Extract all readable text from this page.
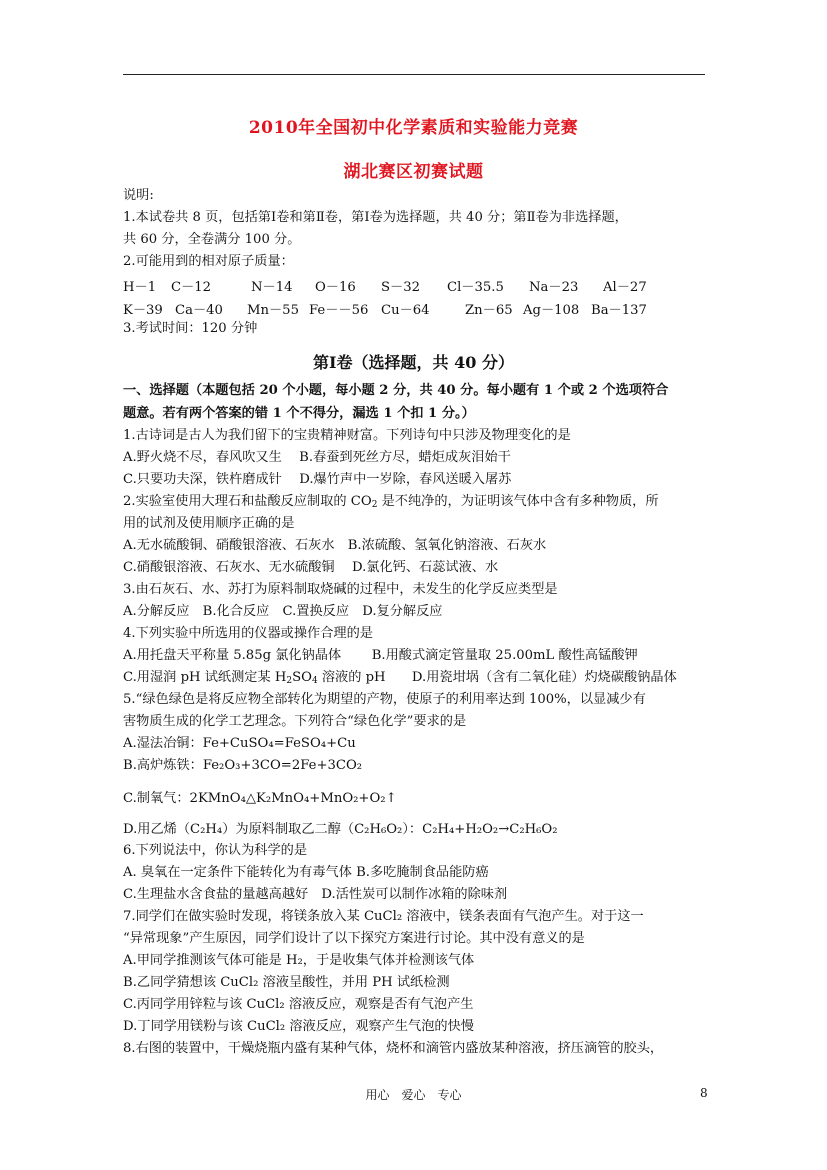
2010年全国初中化学素质和实验能力竞赛
湖北赛区初赛试题
说明:
1.本试卷共 8 页，包括第Ⅰ卷和第Ⅱ卷，第Ⅰ卷为选择题，共 40 分；第Ⅱ卷为非选择题，
共 60 分，全卷满分 100 分。
2.可能用到的相对原子质量：
H－1 C－12	N－14 O－16 S－32 Cl－35.5 Na－23 Al－27
K－39 Ca－40 Mn－55 Fe－－56 Cu－64	Zn－65 Ag－108 Ba－137
3.考试时间：120 分钟
第Ⅰ卷（选择题，共 40 分）
一、选择题（本题包括 20 个小题，每小题 2 分，共 40 分。每小题有 1 个或 2 个选项符合
题意。若有两个答案的错 1 个不得分，漏选 1 个扣 1 分。）
1.古诗词是古人为我们留下的宝贵精神财富。下列诗句中只涉及物理变化的是
A.野火烧不尽，春风吹又生　 B.春蚕到死丝方尽，蜡炬成灰泪始干
C.只要功夫深，铁杵磨成针　 D.爆竹声中一岁除，春风送暖入屠苏
2.实验室使用大理石和盐酸反应制取的 $CO_2$ 是不纯净的，为证明该气体中含有多种物质，所
用的试剂及使用顺序正确的是
A.无水硫酸铜、硝酸银溶液、石灰水　B.浓硫酸、氢氧化钠溶液、石灰水
C.硝酸银溶液、石灰水、无水硫酸铜　 D.氯化钙、石蕊试液、水
3.由石灰石、水、苏打为原料制取烧碱的过程中，未发生的化学反应类型是
A.分解反应　B.化合反应　C.置换反应　D.复分解反应
4.下列实验中所选用的仪器或操作合理的是
A.用托盘天平称量 5.85g 氯化钠晶体　　 B.用酸式滴定管量取 25.00mL 酸性高锰酸钾
C.用湿润 pH 试纸测定某 $H_2SO_4$ 溶液的 pH　　D.用瓷坩埚（含有二氧化硅）灼烧碳酸钠晶体
5.“绿色绿色是将反应物全部转化为期望的产物，使原子的利用率达到 100%，以显减少有
害物质生成的化学工艺理念。下列符合“绿色化学”要求的是
A.湿法冶铜：Fe+CuSO₄=FeSO₄+Cu
B.高炉炼铁：Fe₂O₃+3CO=2Fe+3CO₂
C.制氧气：2KMnO₄△K₂MnO₄+MnO₂+O₂↑
D.用乙烯（C₂H₄）为原料制取乙二醇（C₂H₆O₂）：C₂H₄+H₂O₂→C₂H₆O₂
6.下列说法中，你认为科学的是
A. 臭氧在一定条件下能转化为有毒气体 B.多吃腌制食品能防癌
C.生理盐水含食盐的量越高越好　D.活性炭可以制作冰箱的除味剂
7.同学们在做实验时发现，将镁条放入某 CuCl₂ 溶液中，镁条表面有气泡产生。对于这一
“异常现象”产生原因，同学们设计了以下探究方案进行讨论。其中没有意义的是
A.甲同学推测该气体可能是 H₂，于是收集气体并检测该气体
B.乙同学猜想该 CuCl₂ 溶液呈酸性，并用 PH 试纸检测
C.丙同学用锌粒与该 CuCl₂ 溶液反应，观察是否有气泡产生
D.丁同学用镁粉与该 CuCl₂ 溶液反应，观察产生气泡的快慢
8.右图的装置中，干燥烧瓶内盛有某种气体，烧杯和滴管内盛放某种溶液，挤压滴管的胶头，
用心　爱心　专心	8
